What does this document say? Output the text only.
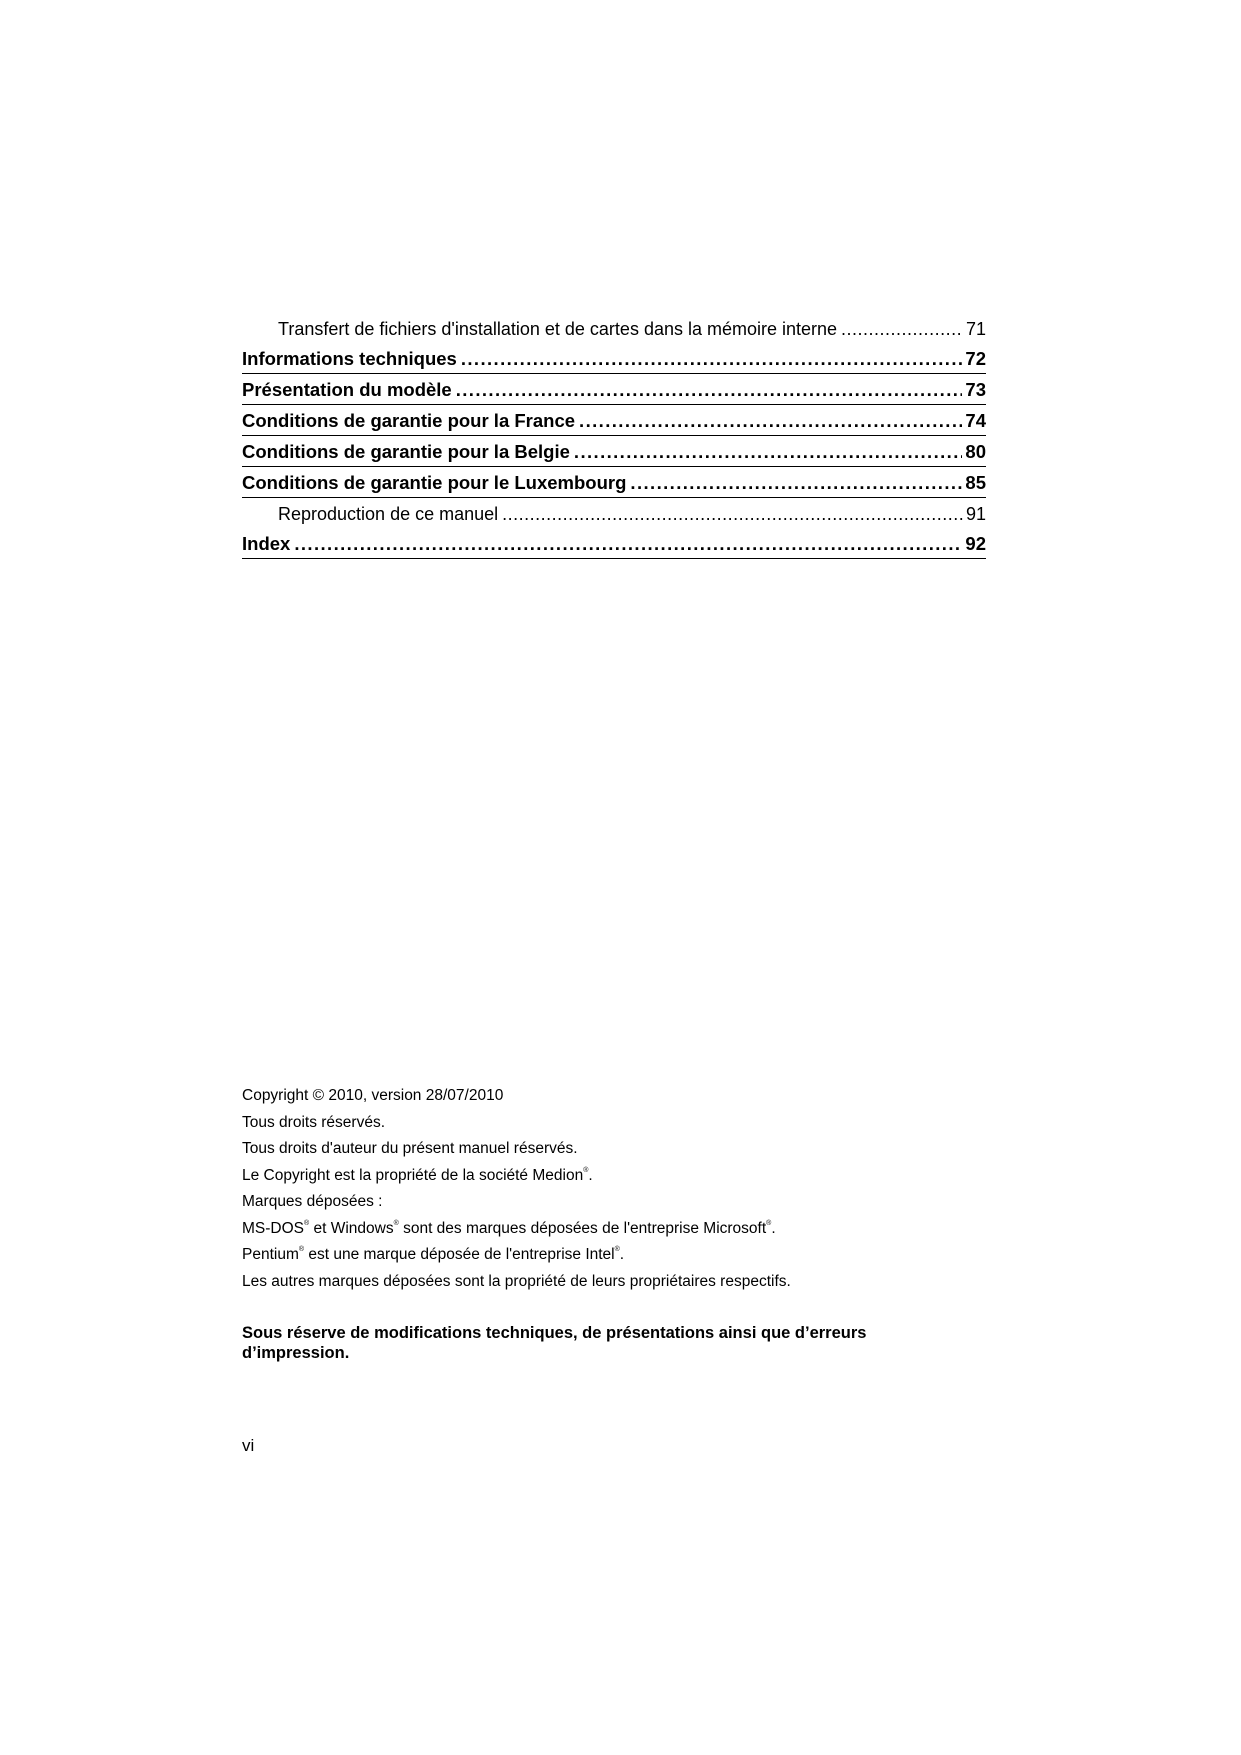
Transfert de fichiers d'installation et de cartes dans la mémoire interne .....	71
Informations techniques .....	72
Présentation du modèle .....	73
Conditions de garantie pour la France .....	74
Conditions de garantie pour la Belgie .....	80
Conditions de garantie pour le Luxembourg .....	85
Reproduction de ce manuel .....	91
Index .....	92
Copyright © 2010, version 28/07/2010
Tous droits réservés.
Tous droits d'auteur du présent manuel réservés.
Le Copyright est la propriété de la société Medion®.
Marques déposées :
MS-DOS® et Windows® sont des marques déposées de l'entreprise Microsoft®.
Pentium® est une marque déposée de l'entreprise Intel®.
Les autres marques déposées sont la propriété de leurs propriétaires respectifs.
Sous réserve de modifications techniques, de présentations ainsi que d’erreurs d’impression.
vi
